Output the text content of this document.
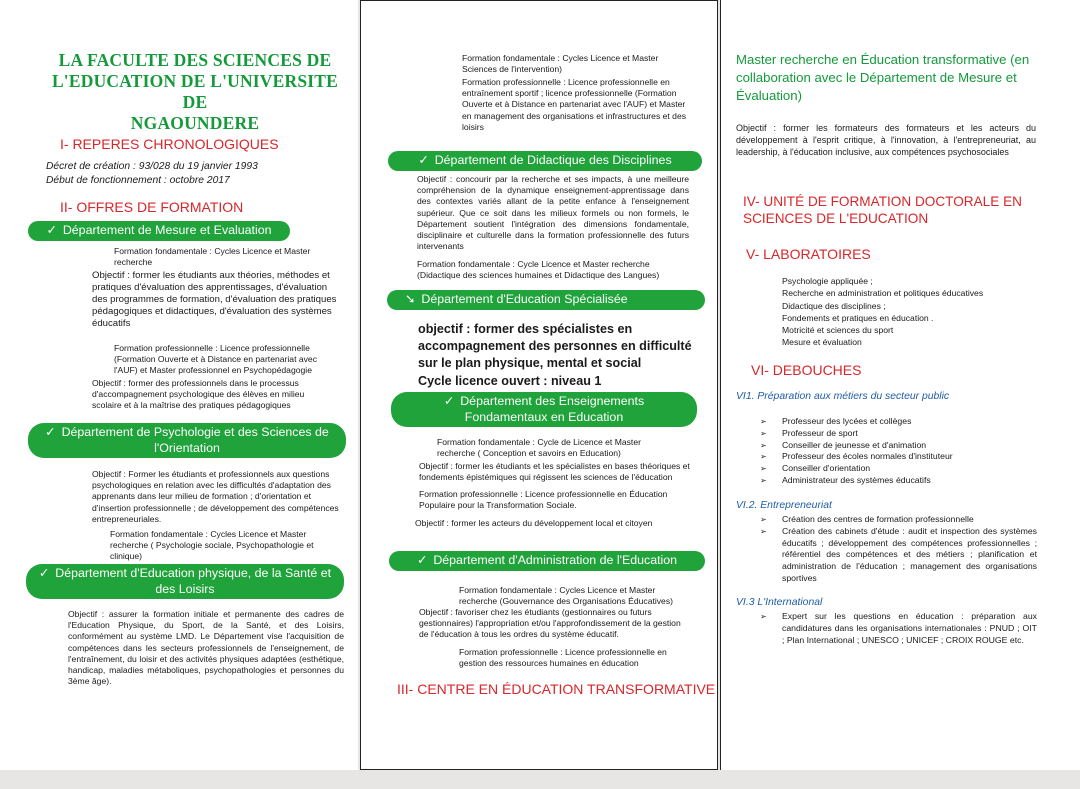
LA FACULTE DES SCIENCES DE
L'EDUCATION DE L'UNIVERSITE DE
NGAOUNDERE
I- REPERES CHRONOLOGIQUES
Décret de création : 93/028 du 19 janvier 1993
Début de fonctionnement : octobre 2017
II- OFFRES DE FORMATION
✓ Département de Mesure et Evaluation
Formation fondamentale : Cycles Licence et Master recherche
Objectif : former les étudiants aux théories, méthodes et pratiques d'évaluation des apprentissages, d'évaluation des programmes de formation, d'évaluation des pratiques pédagogiques et didactiques, d'évaluation des systèmes éducatifs
Formation professionnelle : Licence professionnelle (Formation Ouverte et à Distance en partenariat avec l'AUF) et Master professionnel en Psychopédagogie
Objectif : former des professionnels dans le processus d'accompagnement psychologique des élèves en milieu scolaire et à la maîtrise des pratiques pédagogiques
✓ Département de Psychologie et des Sciences de l'Orientation
Objectif : Former les étudiants et professionnels aux questions psychologiques en relation avec les difficultés d'adaptation des apprenants dans leur milieu de formation ; d'orientation et d'insertion professionnelle ; de développement des compétences entrepreneuriales.
Formation fondamentale : Cycles Licence et Master recherche ( Psychologie sociale, Psychopathologie et clinique)
✓ Département d'Education physique, de la Santé et des Loisirs
Objectif : assurer la formation initiale et permanente des cadres de l'Education Physique, du Sport, de la Santé, et des Loisirs, conformément au système LMD. Le Département vise l'acquisition de compétences dans les secteurs professionnels de l'enseignement, de l'entraînement, du loisir et des activités physiques adaptées (esthétique, handicap, maladies métaboliques, psychopathologies et personnes du 3ème âge).
Formation fondamentale : Cycles Licence et Master Sciences de l'intervention)
Formation professionnelle : Licence professionnelle en entraînement sportif ; licence professionnelle (Formation Ouverte et à Distance en partenariat avec l'AUF) et Master en management des organisations et infrastructures et des loisirs
✓ Département de Didactique des Disciplines
Objectif : concourir par la recherche et ses impacts, à une meilleure compréhension de la dynamique enseignement-apprentissage dans des contextes variés allant de la petite enfance à l'enseignement supérieur. Que ce soit dans les milieux formels ou non formels, le Département soutient l'intégration des dimensions fondamentale, disciplinaire et culturelle dans la formation professionnelle des futurs intervenants
Formation fondamentale : Cycle Licence et Master recherche (Didactique des sciences humaines et Didactique des Langues)
➘ Département d'Education Spécialisée
objectif : former des spécialistes en accompagnement des personnes en difficulté sur le plan physique, mental et social
Cycle licence ouvert : niveau 1
✓ Département des Enseignements Fondamentaux en Education
Formation fondamentale : Cycle de Licence et Master recherche ( Conception et savoirs en Education)
Objectif : former les étudiants et les spécialistes en bases théoriques et fondements épistémiques qui régissent les sciences de l'éducation
Formation professionnelle : Licence professionnelle en Éducation Populaire pour la Transformation Sociale.
Objectif : former les acteurs du développement local et citoyen
✓ Département d'Administration de l'Education
Formation fondamentale : Cycles Licence et Master recherche (Gouvernance des Organisations Éducatives)
Objectif : favoriser chez les étudiants (gestionnaires ou futurs gestionnaires) l'appropriation et/ou l'approfondissement de la gestion de l'éducation à tous les ordres du système éducatif.
Formation professionnelle : Licence professionnelle en gestion des ressources humaines en éducation
III- CENTRE EN ÉDUCATION TRANSFORMATIVE
Master recherche en Éducation transformative (en collaboration avec le Département de Mesure et Évaluation)
Objectif : former les formateurs des formateurs et les acteurs du développement à l'esprit critique, à l'innovation, à l'entrepreneuriat, au leadership, à l'éducation inclusive, aux compétences psychosociales
IV- UNITÉ DE FORMATION DOCTORALE EN SCIENCES DE L'EDUCATION
V- LABORATOIRES
Psychologie appliquée ;
Recherche en administration et politiques éducatives
Didactique des disciplines ;
Fondements et pratiques en éducation .
Motricité et sciences du sport
Mesure et évaluation
VI- DEBOUCHES
VI1. Préparation aux métiers du secteur public
➢ Professeur des lycées et collèges
➢ Professeur de sport
➢ Conseiller de jeunesse et d'animation
➢ Professeur des écoles normales d'instituteur
➢ Conseiller d'orientation
➢ Administrateur des systèmes éducatifs
VI.2. Entrepreneuriat
➢ Création des centres de formation professionnelle
➢ Création des cabinets d'étude : audit et inspection des systèmes éducatifs ; développement des compétences professionnelles ; référentiel des compétences et des métiers ; planification et administration de l'éducation ; management des organisations sportives
VI.3 L'International
➢ Expert sur les questions en éducation : préparation aux candidatures dans les organisations internationales : PNUD ; OIT ; Plan International ; UNESCO ; UNICEF ; CROIX ROUGE etc.
